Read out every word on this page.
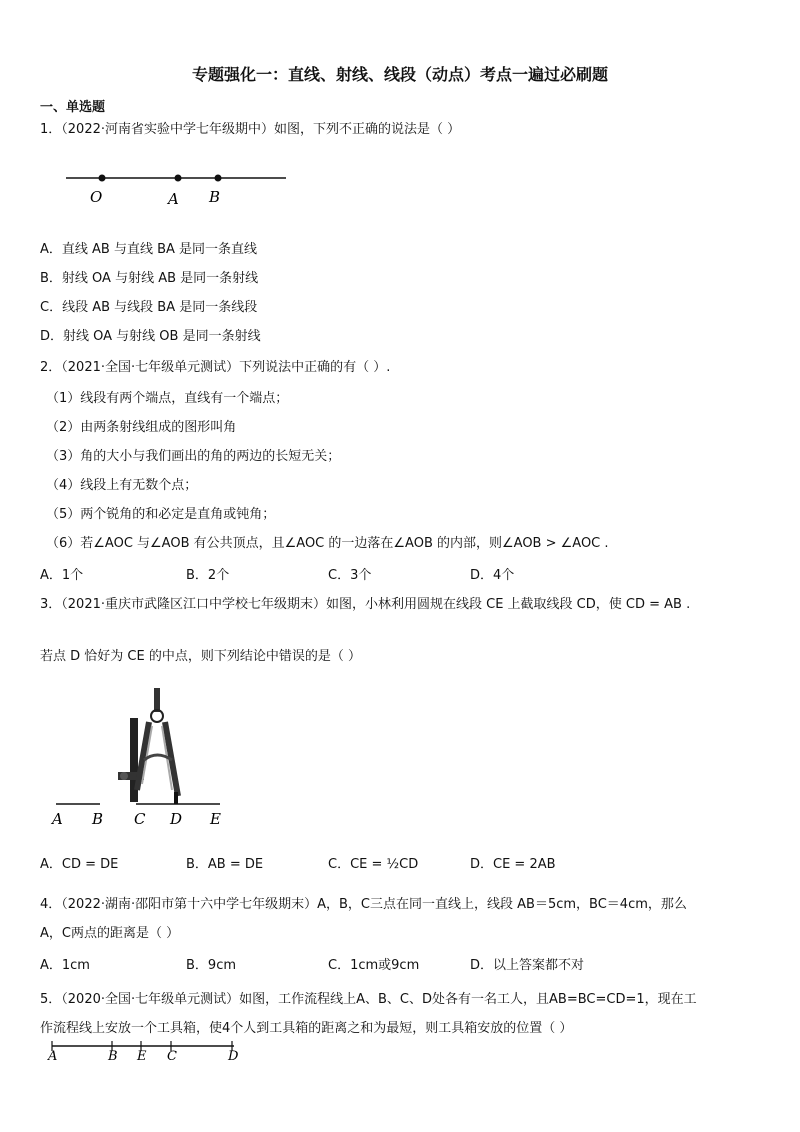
专题强化一：直线、射线、线段（动点）考点一遍过必刷题
一、单选题
1．（2022·河南省实验中学七年级期中）如图，下列不正确的说法是（ ）
O	A B
A．直线 AB 与直线 BA 是同一条直线
B．射线 OA 与射线 AB 是同一条射线
C．线段 AB 与线段 BA 是同一条线段
D．射线 OA 与射线 OB 是同一条射线
2．（2021·全国·七年级单元测试）下列说法中正确的有（ ）.
（1）线段有两个端点，直线有一个端点；
（2）由两条射线组成的图形叫角
（3）角的大小与我们画出的角的两边的长短无关；
（4）线段上有无数个点；
（5）两个锐角的和必定是直角或钝角；
（6）若∠AOC 与∠AOB 有公共顶点，且∠AOC 的一边落在∠AOB 的内部，则∠AOB > ∠AOC .
A．1个	B．2个	C．3个	D．4个
3．（2021·重庆市武隆区江口中学校七年级期末）如图，小林利用圆规在线段 CE 上截取线段 CD，使 CD = AB .
若点 D 恰好为 CE 的中点，则下列结论中错误的是（ ）
A B C D E
A．CD = DE	B．AB = DE	C．CE = ½CD	D．CE = 2AB
4．（2022·湖南·邵阳市第十六中学七年级期末）A，B，C三点在同一直线上，线段 AB＝5cm，BC＝4cm，那么
A，C两点的距离是（ ）
A．1cm	B．9cm	C．1cm或9cm	D．以上答案都不对
5．（2020·全国·七年级单元测试）如图，工作流程线上A、B、C、D处各有一名工人，且AB=BC=CD=1，现在工
作流程线上安放一个工具箱，使4个人到工具箱的距离之和为最短，则工具箱安放的位置（ ）
A	B E C	D
